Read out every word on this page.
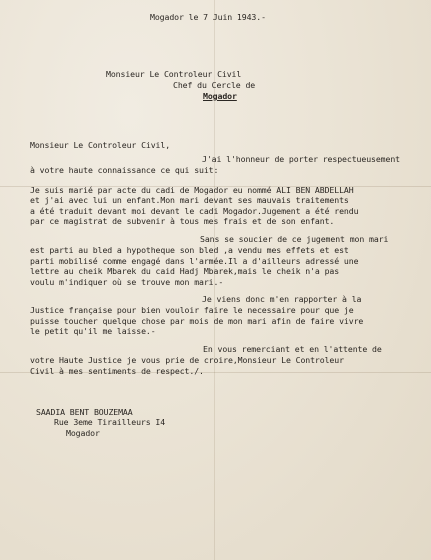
Mogador le 7 Juin 1943.-
Monsieur Le Controleur Civil
Chef du Cercle de
Mogador
Monsieur Le Controleur Civil,
J'ai l'honneur de porter respectueusement
à votre haute connaissance ce qui suit:
Je suis marié par acte du cadi de Mogador eu nommé ALI BEN ABDELLAH
et j'ai avec lui un enfant.Mon mari devant ses mauvais traitements
a été traduit devant moi devant le cadi Mogador.Jugement a été rendu
par ce magistrat de subvenir à tous mes frais et de son enfant.
Sans se soucier de ce jugement mon mari
est parti au bled a hypotheque son bled ,a vendu mes effets et est
parti mobilisé comme engagé dans l'armée.Il a d'ailleurs adressé une
lettre au cheik Mbarek du caid Hadj Mbarek,mais le cheik n'a pas
voulu m'indiquer où se trouve mon mari.-
Je viens donc m'en rapporter à la
Justice française pour bien vouloir faire le necessaire pour que je
puisse toucher quelque chose par mois de mon mari afin de faire vivre
le petit qu'il me laisse.-
En vous remerciant et en l'attente de
votre Haute Justice je vous prie de croire,Monsieur Le Controleur
Civil à mes sentiments de respect./.
SAADIA BENT BOUZEMAA
Rue 3eme Tirailleurs I4
Mogador
